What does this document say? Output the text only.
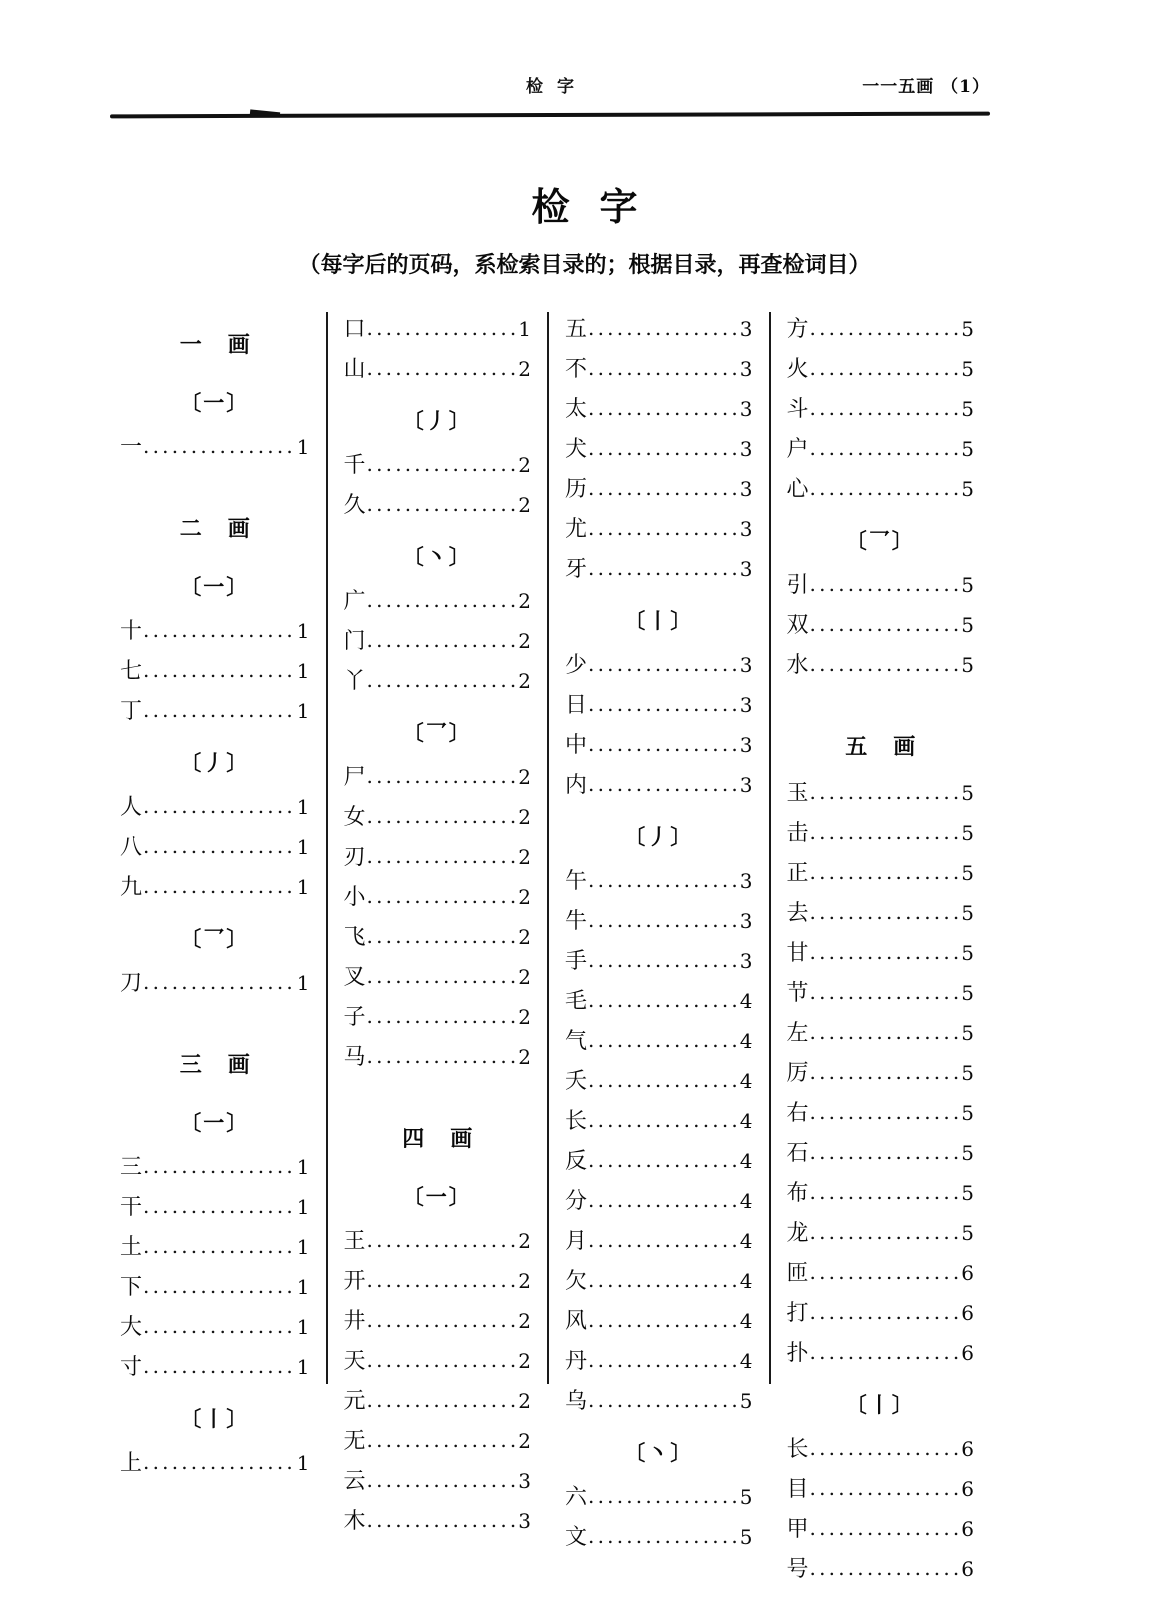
检字	一一五画 （1）
检字
（每字后的页码，系检索目录的；根据目录，再查检词目）
一画
〔一〕
一 .....	1
二画
〔一〕
十 .....	1
七 .....	1
丁 .....	1
〔丿〕
人 .....	1
八 .....	1
九 .....	1
〔乛〕
刀 .....	1
三画
〔一〕
三 .....	1
干 .....	1
土 .....	1
下 .....	1
大 .....	1
寸 .....	1
〔丨〕
上 .....	1
口 .....	1
山 .....	2
〔丿〕
千 .....	2
久 .....	2
〔丶〕
广 .....	2
门 .....	2
丫 .....	2
〔乛〕
尸 .....	2
女 .....	2
刃 .....	2
小 .....	2
飞 .....	2
叉 .....	2
子 .....	2
马 .....	2
四画
〔一〕
王 .....	2
开 .....	2
井 .....	2
天 .....	2
元 .....	2
无 .....	2
云 .....	3
木 .....	3
五 .....	3
不 .....	3
太 .....	3
犬 .....	3
历 .....	3
尤 .....	3
牙 .....	3
〔丨〕
少 .....	3
日 .....	3
中 .....	3
内 .....	3
〔丿〕
午 .....	3
牛 .....	3
手 .....	3
毛 .....	4
气 .....	4
夭 .....	4
长 .....	4
反 .....	4
分 .....	4
月 .....	4
欠 .....	4
风 .....	4
丹 .....	4
乌 .....	5
〔丶〕
六 .....	5
文 .....	5
方 .....	5
火 .....	5
斗 .....	5
户 .....	5
心 .....	5
〔乛〕
引 .....	5
双 .....	5
水 .....	5
五画
玉 .....	5
击 .....	5
正 .....	5
去 .....	5
甘 .....	5
节 .....	5
左 .....	5
厉 .....	5
右 .....	5
石 .....	5
布 .....	5
龙 .....	5
匝 .....	6
打 .....	6
扑 .....	6
〔丨〕
长 .....	6
目 .....	6
甲 .....	6
号 .....	6
